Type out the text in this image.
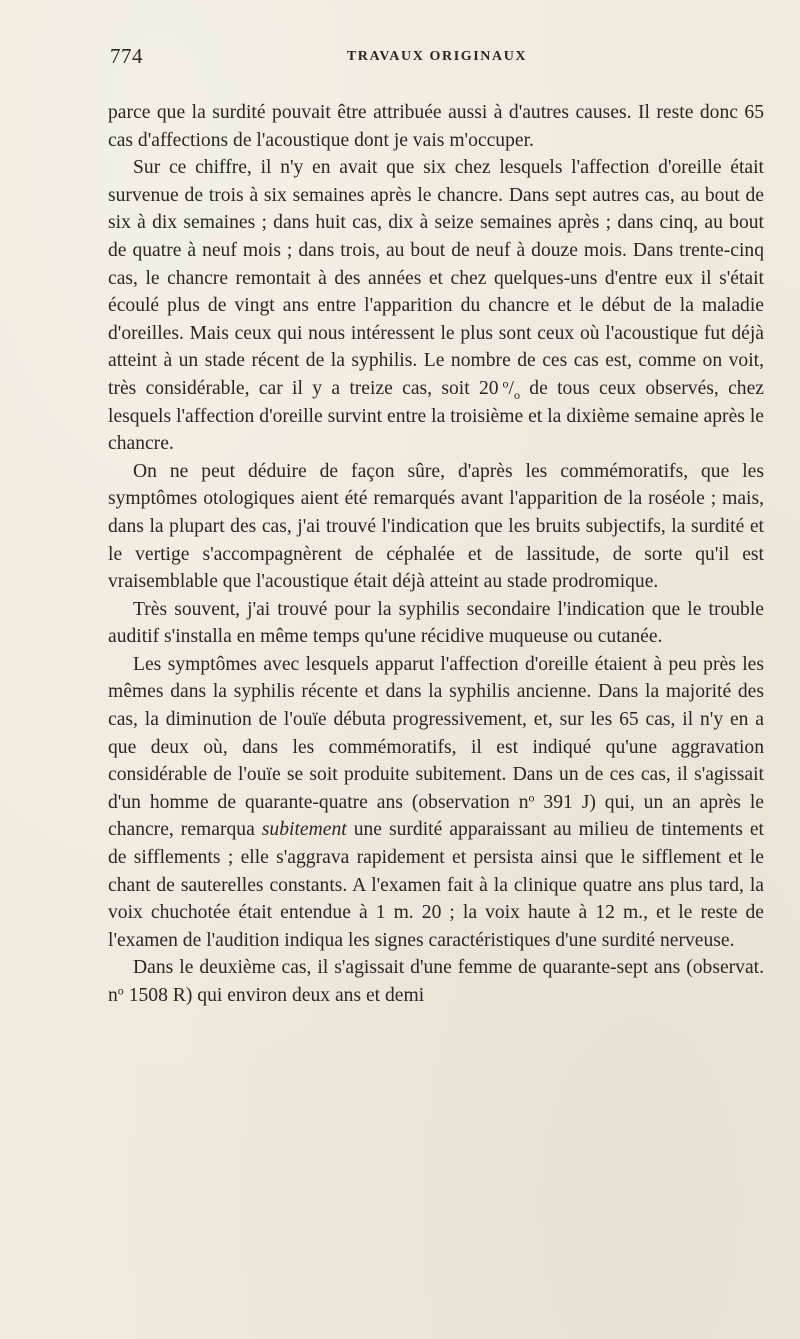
774	TRAVAUX ORIGINAUX

parce que la surdité pouvait être attribuée aussi à d'autres causes. Il reste donc 65 cas d'affections de l'acoustique dont je vais m'occuper.

Sur ce chiffre, il n'y en avait que six chez lesquels l'affection d'oreille était survenue de trois à six semaines après le chancre. Dans sept autres cas, au bout de six à dix semaines ; dans huit cas, dix à seize semaines après ; dans cinq, au bout de quatre à neuf mois ; dans trois, au bout de neuf à douze mois. Dans trente-cinq cas, le chancre remontait à des années et chez quelques-uns d'entre eux il s'était écoulé plus de vingt ans entre l'apparition du chancre et le début de la maladie d'oreilles. Mais ceux qui nous intéressent le plus sont ceux où l'acoustique fut déjà atteint à un stade récent de la syphilis. Le nombre de ces cas est, comme on voit, très considérable, car il y a treize cas, soit 20  $^o/_o$ de tous ceux observés, chez lesquels l'affection d'oreille survint entre la troisième et la dixième semaine après le chancre.

On ne peut déduire de façon sûre, d'après les commémoratifs, que les symptômes otologiques aient été remarqués avant l'apparition de la roséole ; mais, dans la plupart des cas, j'ai trouvé l'indication que les bruits subjectifs, la surdité et le vertige s'accompagnèrent de céphalée et de lassitude, de sorte qu'il est vraisemblable que l'acoustique était déjà atteint au stade prodromique.

Très souvent, j'ai trouvé pour la syphilis secondaire l'indication que le trouble auditif s'installa en même temps qu'une récidive muqueuse ou cutanée.

Les symptômes avec lesquels apparut l'affection d'oreille étaient à peu près les mêmes dans la syphilis récente et dans la syphilis ancienne. Dans la majorité des cas, la diminution de l'ouïe débuta progressivement, et, sur les 65 cas, il n'y en a que deux où, dans les commémoratifs, il est indiqué qu'une aggravation considérable de l'ouïe se soit produite subitement. Dans un de ces cas, il s'agissait d'un homme de quarante-quatre ans (observation $n^o$ 391 J) qui, un an après le chancre, remarqua subitement une surdité apparaissant au milieu de tintements et de sifflements ; elle s'aggrava rapidement et persista ainsi que le sifflement et le chant de sauterelles constants. A l'examen fait à la clinique quatre ans plus tard, la voix chuchotée était entendue à 1 m. 20 ; la voix haute à 12 m., et le reste de l'examen de l'audition indiqua les signes caractéristiques d'une surdité nerveuse.

Dans le deuxième cas, il s'agissait d'une femme de quarante-sept ans (observat. $n^o$ 1508 R) qui environ deux ans et demi
